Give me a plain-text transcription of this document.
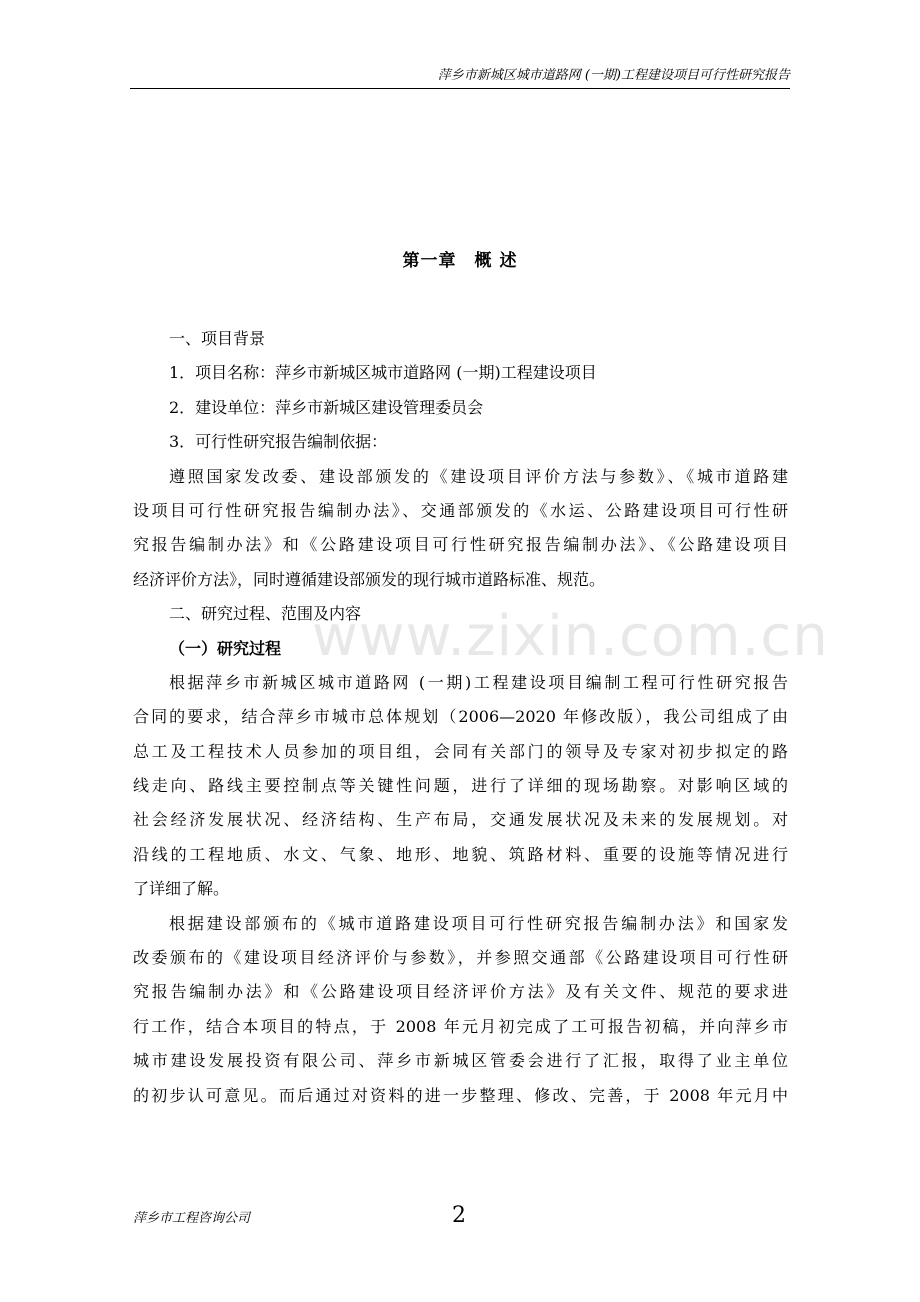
萍乡市新城区城市道路网 (一期)工程建设项目可行性研究报告
第一章　概 述
一、项目背景
1．项目名称：萍乡市新城区城市道路网 (一期)工程建设项目
2．建设单位：萍乡市新城区建设管理委员会
3．可行性研究报告编制依据：
遵照国家发改委、建设部颁发的《建设项目评价方法与参数》、《城市道路建
设项目可行性研究报告编制办法》、交通部颁发的《水运、公路建设项目可行性研
究报告编制办法》和《公路建设项目可行性研究报告编制办法》、《公路建设项目
经济评价方法》，同时遵循建设部颁发的现行城市道路标准、规范。
二、研究过程、范围及内容
（一）研究过程
根据萍乡市新城区城市道路网 (一期)工程建设项目编制工程可行性研究报告
合同的要求，结合萍乡市城市总体规划（2006—2020 年修改版），我公司组成了由
总工及工程技术人员参加的项目组，会同有关部门的领导及专家对初步拟定的路
线走向、路线主要控制点等关键性问题，进行了详细的现场勘察。对影响区域的
社会经济发展状况、经济结构、生产布局，交通发展状况及未来的发展规划。对
沿线的工程地质、水文、气象、地形、地貌、筑路材料、重要的设施等情况进行
了详细了解。
根据建设部颁布的《城市道路建设项目可行性研究报告编制办法》和国家发
改委颁布的《建设项目经济评价与参数》，并参照交通部《公路建设项目可行性研
究报告编制办法》和《公路建设项目经济评价方法》及有关文件、规范的要求进
行工作，结合本项目的特点，于 2008 年元月初完成了工可报告初稿，并向萍乡市
城市建设发展投资有限公司、萍乡市新城区管委会进行了汇报，取得了业主单位
的初步认可意见。而后通过对资料的进一步整理、修改、完善，于 2008 年元月中
www.zixin.com.cn
萍乡市工程咨询公司	2
